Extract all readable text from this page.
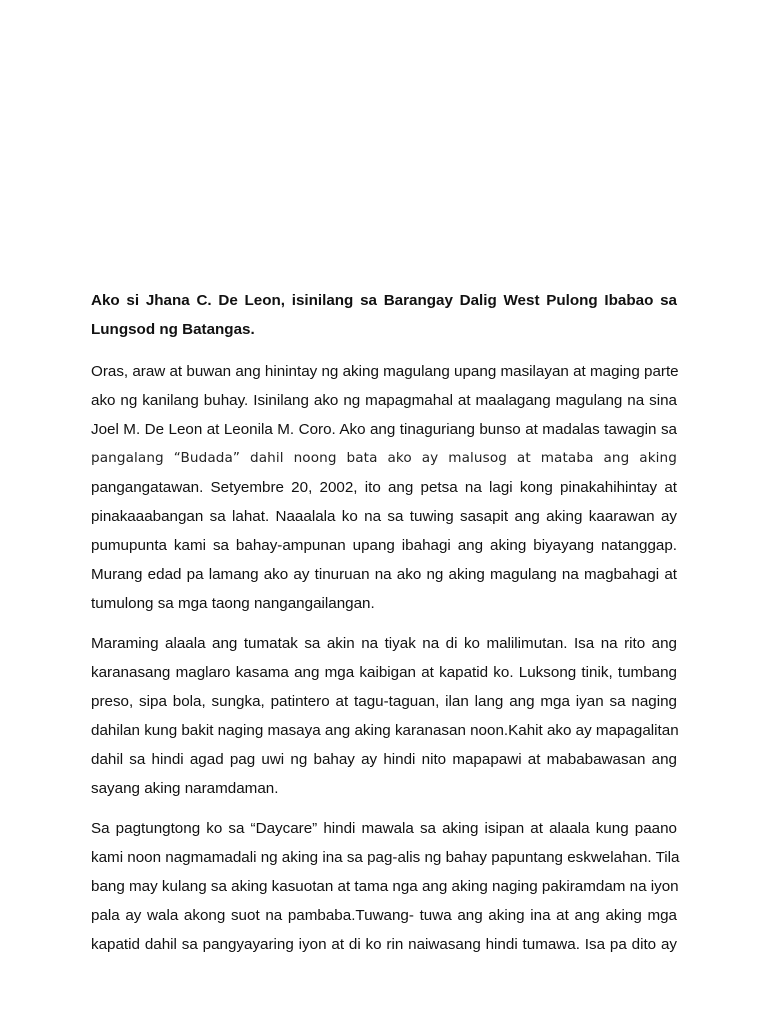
Ako si Jhana C. De Leon, isinilang sa Barangay Dalig West Pulong Ibabao sa
Lungsod ng Batangas.
Oras, araw at buwan ang hinintay ng aking magulang upang masilayan at maging parte
ako ng kanilang buhay. Isinilang ako ng mapagmahal at maalagang magulang na sina
Joel M. De Leon at Leonila M. Coro. Ako ang tinaguriang bunso at madalas tawagin sa
pangalang “Budada” dahil noong bata ako ay malusog at mataba ang aking
pangangatawan. Setyembre 20, 2002, ito ang petsa na lagi kong pinakahihintay at
pinakaaabangan sa lahat. Naaalala ko na sa tuwing sasapit ang aking kaarawan ay
pumupunta kami sa bahay-ampunan upang ibahagi ang aking biyayang natanggap.
Murang edad pa lamang ako ay tinuruan na ako ng aking magulang na magbahagi at
tumulong sa mga taong nangangailangan.
Maraming alaala ang tumatak sa akin na tiyak na di ko malilimutan. Isa na rito ang
karanasang maglaro kasama ang mga kaibigan at kapatid ko. Luksong tinik, tumbang
preso, sipa bola, sungka, patintero at tagu-taguan, ilan lang ang mga iyan sa naging
dahilan kung bakit naging masaya ang aking karanasan noon.Kahit ako ay mapagalitan
dahil sa hindi agad pag uwi ng bahay ay hindi nito mapapawi at mababawasan ang
sayang aking naramdaman.
Sa pagtungtong ko sa “Daycare” hindi mawala sa aking isipan at alaala kung paano
kami noon nagmamadali ng aking ina sa pag-alis ng bahay papuntang eskwelahan. Tila
bang may kulang sa aking kasuotan at tama nga ang aking naging pakiramdam na iyon
pala ay wala akong suot na pambaba.Tuwang- tuwa ang aking ina at ang aking mga
kapatid dahil sa pangyayaring iyon at di ko rin naiwasang hindi tumawa. Isa pa dito ay
